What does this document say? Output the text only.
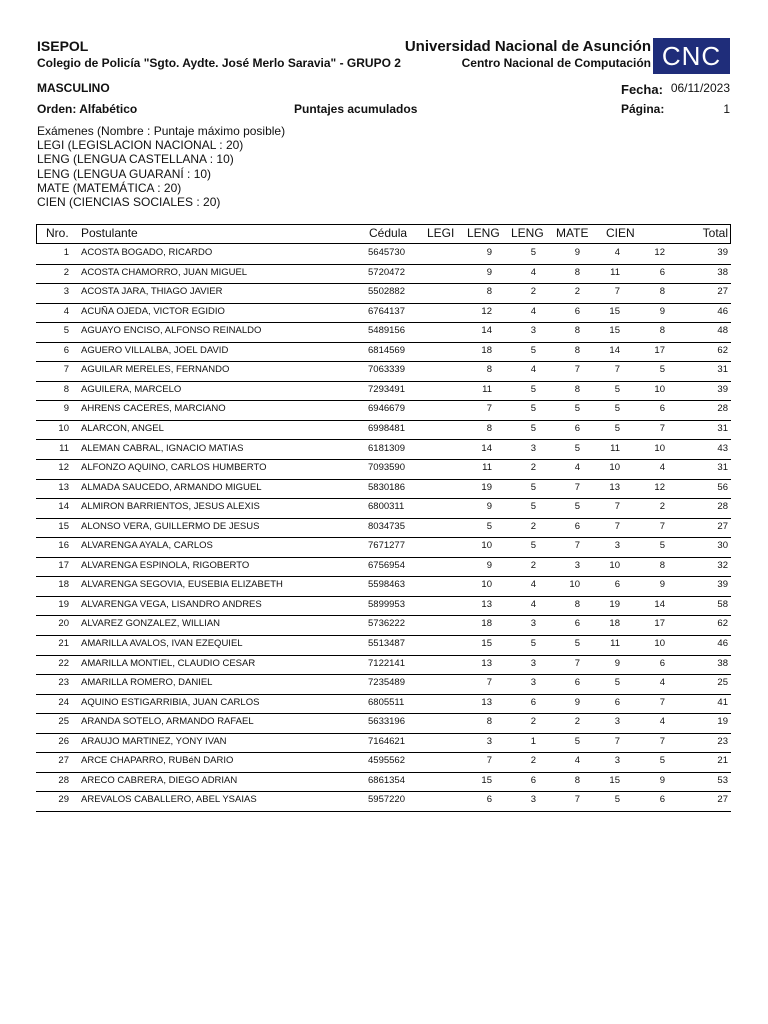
ISEPOL
Colegio de Policía "Sgto. Aydte. José Merlo Saravia" - GRUPO 2
Universidad Nacional de Asunción
Centro Nacional de Computación CNC
MASCULINO	Fecha: 06/11/2023
Orden: Alfabético	Puntajes acumulados	Página:	1
Exámenes (Nombre : Puntaje máximo posible)
LEGI (LEGISLACION NACIONAL : 20)
LENG (LENGUA CASTELLANA : 10)
LENG (LENGUA GUARANÍ : 10)
MATE (MATEMÁTICA : 20)
CIEN (CIENCIAS SOCIALES : 20)
Nro. Postulante	Cédula LEGI LENG LENG MATE CIEN	Total
1 ACOSTA BOGADO, RICARDO	5645730	9	5	9	4	12	39
2 ACOSTA CHAMORRO, JUAN MIGUEL	5720472	9	4	8	11	6	38
3 ACOSTA JARA, THIAGO JAVIER	5502882	8	2	2	7	8	27
4 ACUÑA OJEDA, VICTOR EGIDIO	6764137	12	4	6	15	9	46
5 AGUAYO ENCISO, ALFONSO REINALDO	5489156	14	3	8	15	8	48
6 AGUERO VILLALBA, JOEL DAVID	6814569	18	5	8	14	17	62
7 AGUILAR MERELES, FERNANDO	7063339	8	4	7	7	5	31
8 AGUILERA, MARCELO	7293491	11	5	8	5	10	39
9 AHRENS CACERES, MARCIANO	6946679	7	5	5	5	6	28
10 ALARCON, ANGEL	6998481	8	5	6	5	7	31
11 ALEMAN CABRAL, IGNACIO MATIAS	6181309	14	3	5	11	10	43
12 ALFONZO AQUINO, CARLOS HUMBERTO	7093590	11	2	4	10	4	31
13 ALMADA SAUCEDO, ARMANDO MIGUEL	5830186	19	5	7	13	12	56
14 ALMIRON BARRIENTOS, JESUS ALEXIS	6800311	9	5	5	7	2	28
15 ALONSO VERA, GUILLERMO DE JESUS	8034735	5	2	6	7	7	27
16 ALVARENGA AYALA, CARLOS	7671277	10	5	7	3	5	30
17 ALVARENGA ESPINOLA, RIGOBERTO	6756954	9	2	3	10	8	32
18 ALVARENGA SEGOVIA, EUSEBIA ELIZABETH	5598463	10	4	10	6	9	39
19 ALVARENGA VEGA, LISANDRO ANDRES	5899953	13	4	8	19	14	58
20 ALVAREZ GONZALEZ, WILLIAN	5736222	18	3	6	18	17	62
21 AMARILLA AVALOS, IVAN EZEQUIEL	5513487	15	5	5	11	10	46
22 AMARILLA MONTIEL, CLAUDIO CESAR	7122141	13	3	7	9	6	38
23 AMARILLA ROMERO, DANIEL	7235489	7	3	6	5	4	25
24 AQUINO ESTIGARRIBIA, JUAN CARLOS	6805511	13	6	9	6	7	41
25 ARANDA SOTELO, ARMANDO RAFAEL	5633196	8	2	2	3	4	19
26 ARAUJO MARTINEZ, YONY IVAN	7164621	3	1	5	7	7	23
27 ARCE CHAPARRO, RUBéN DARIO	4595562	7	2	4	3	5	21
28 ARECO CABRERA, DIEGO ADRIAN	6861354	15	6	8	15	9	53
29 AREVALOS CABALLERO, ABEL YSAIAS	5957220	6	3	7	5	6	27
